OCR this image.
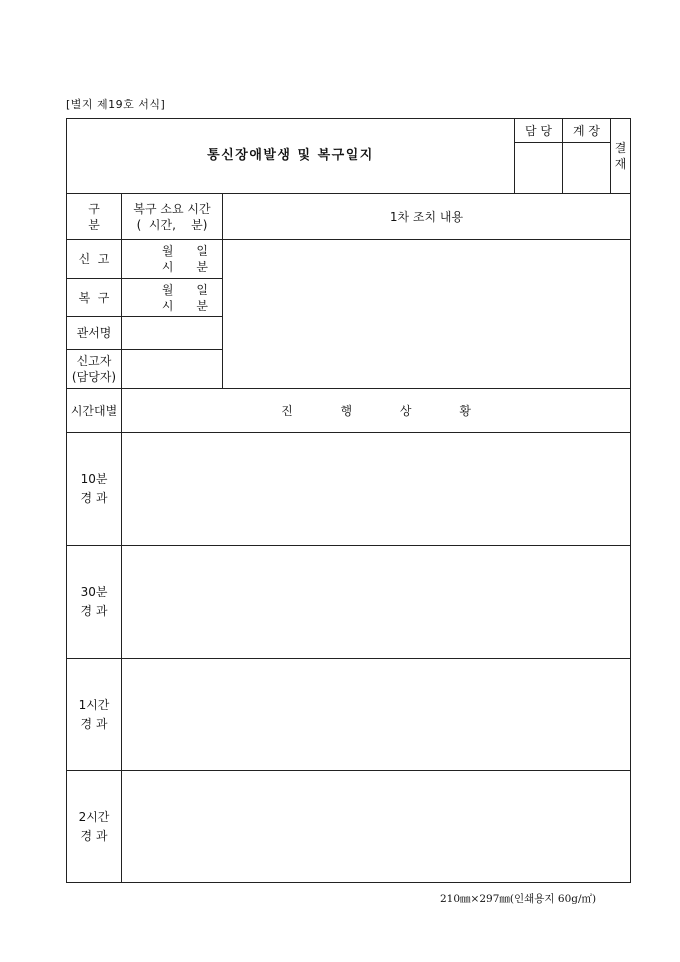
[별지 제19호 서식]
통신장애발생 및 복구일지
담 당	계 장
결
재
구 분
복구 소요 시간
(  시간,    분)
1차 조치 내용
신  고
월      일
시      분
복  구
월      일
시      분
관서명
신고자
(담당자)
시간대별	진 행 상 황
10분
경 과
30분
경 과
1시간
경 과
2시간
경 과
210㎜×297㎜(인쇄용지 60g/㎡)
